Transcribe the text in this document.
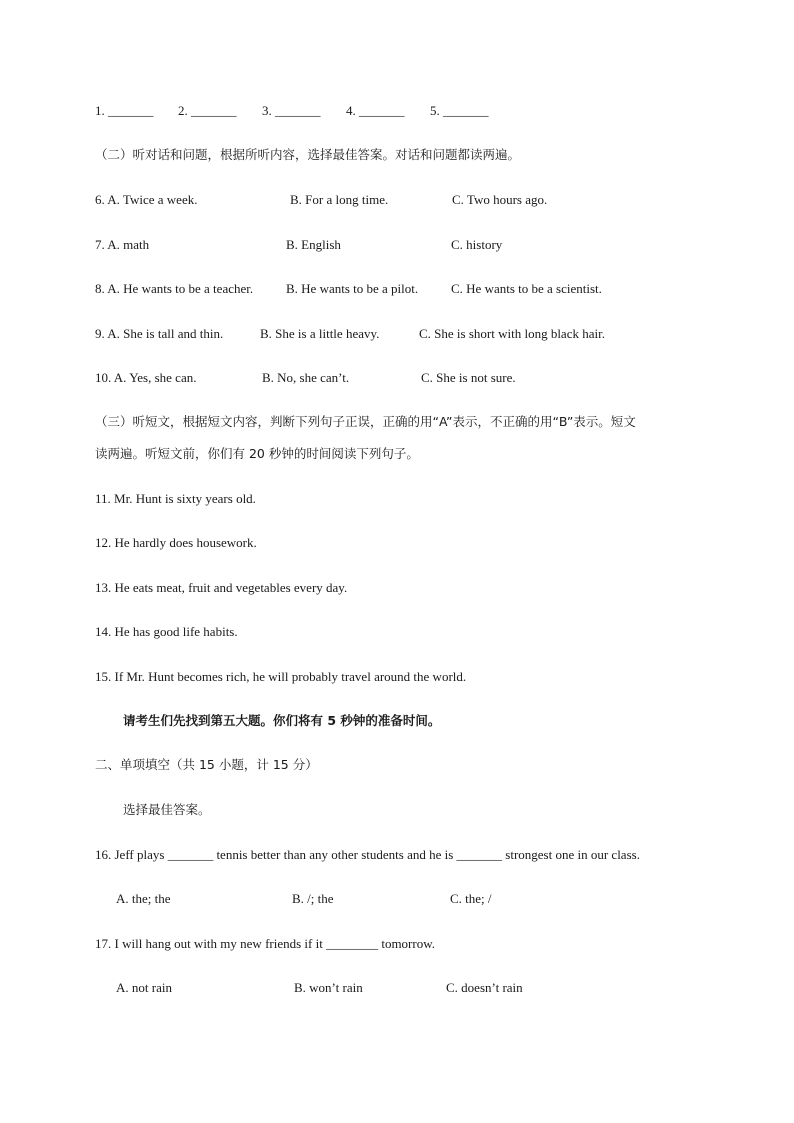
1. _______ 2. _______ 3. _______ 4. _______ 5. _______
（二）听对话和问题，根据所听内容，选择最佳答案。对话和问题都读两遍。
6. A. Twice a week.	B. For a long time.	C. Two hours ago.
7. A. math	B. English	C. history
8. A. He wants to be a teacher.	B. He wants to be a pilot.	C. He wants to be a scientist.
9. A. She is tall and thin.	B. She is a little heavy.	C. She is short with long black hair.
10. A. Yes, she can.	B. No, she can’t.	C. She is not sure.
（三）听短文，根据短文内容，判断下列句子正误，正确的用“A”表示，不正确的用“B”表示。短文
读两遍。听短文前，你们有 20 秒钟的时间阅读下列句子。
11. Mr. Hunt is sixty years old.
12. He hardly does housework.
13. He eats meat, fruit and vegetables every day.
14. He has good life habits.
15. If Mr. Hunt becomes rich, he will probably travel around the world.
请考生们先找到第五大题。你们将有 5 秒钟的准备时间。
二、单项填空（共 15 小题，计 15 分）
选择最佳答案。
16. Jeff plays _______ tennis better than any other students and he is _______ strongest one in our class.
A. the; the	B. /; the	C. the; /
17. I will hang out with my new friends if it ________ tomorrow.
A. not rain	B. won’t rain	C. doesn’t rain
